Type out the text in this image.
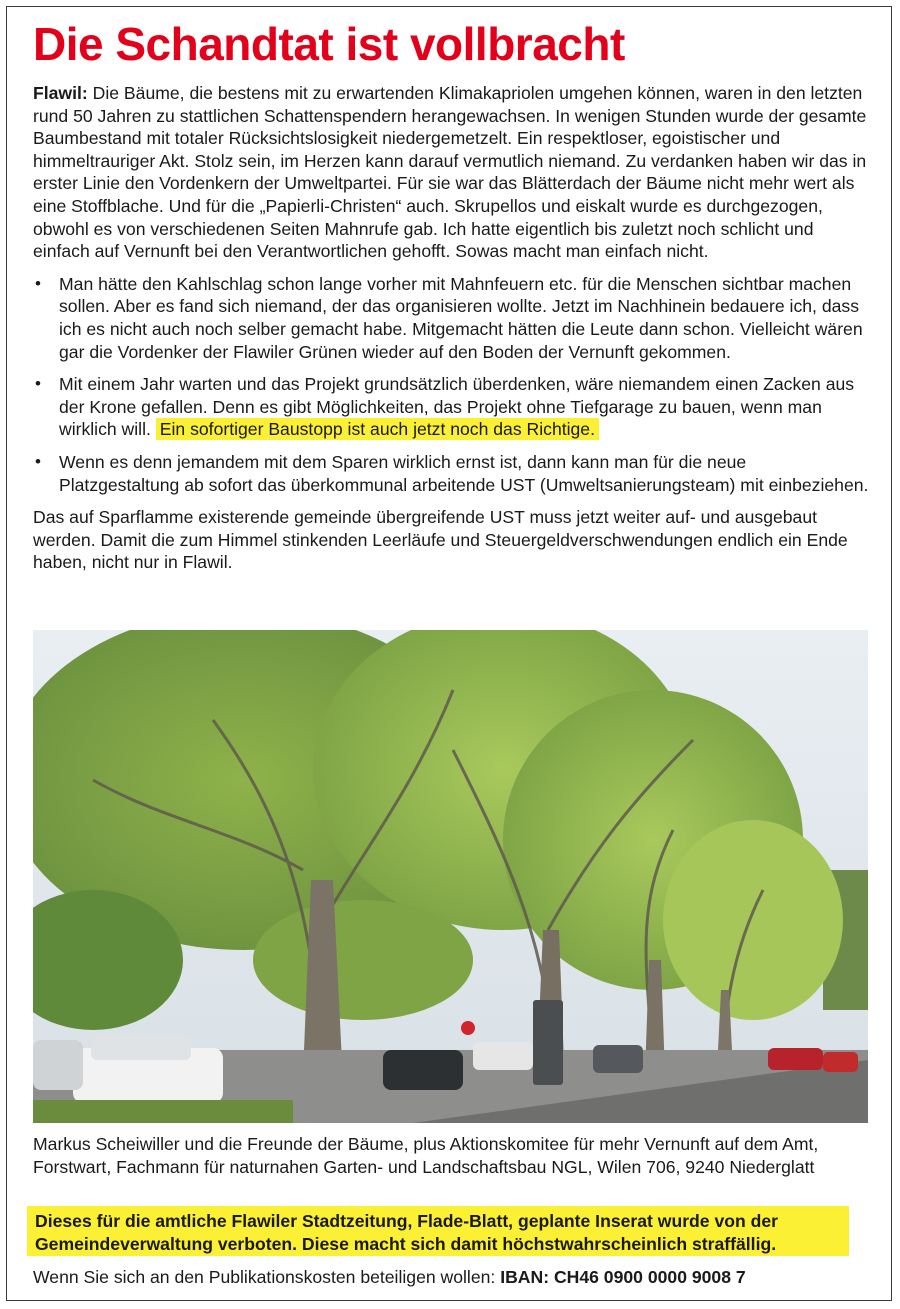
Die Schandtat ist vollbracht

Flawil: Die Bäume, die bestens mit zu erwartenden Klimakapriolen umgehen können, waren in den letzten rund 50 Jahren zu stattlichen Schattenspendern herangewachsen. In wenigen Stunden wurde der gesamte Baumbestand mit totaler Rücksichtslosigkeit niedergemetzelt. Ein respektloser, egoistischer und himmeltrauriger Akt. Stolz sein, im Herzen kann darauf vermutlich niemand. Zu verdanken haben wir das in erster Linie den Vordenkern der Umweltpartei. Für sie war das Blätterdach der Bäume nicht mehr wert als eine Stoffblache. Und für die „Papierli-Christen“ auch. Skrupellos und eiskalt wurde es durchgezogen, obwohl es von verschiedenen Seiten Mahnrufe gab. Ich hatte eigentlich bis zuletzt noch schlicht und einfach auf Vernunft bei den Verantwortlichen gehofft. Sowas macht man einfach nicht.

• Man hätte den Kahlschlag schon lange vorher mit Mahnfeuern etc. für die Menschen sichtbar machen sollen. Aber es fand sich niemand, der das organisieren wollte. Jetzt im Nachhinein bedauere ich, dass ich es nicht auch noch selber gemacht habe. Mitgemacht hätten die Leute dann schon. Vielleicht wären gar die Vordenker der Flawiler Grünen wieder auf den Boden der Vernunft gekommen.
• Mit einem Jahr warten und das Projekt grundsätzlich überdenken, wäre niemandem einen Zacken aus der Krone gefallen. Denn es gibt Möglichkeiten, das Projekt ohne Tiefgarage zu bauen, wenn man wirklich will. Ein sofortiger Baustopp ist auch jetzt noch das Richtige.
• Wenn es denn jemandem mit dem Sparen wirklich ernst ist, dann kann man für die neue Platzgestaltung ab sofort das überkommunal arbeitende UST (Umweltsanierungsteam) mit einbeziehen.

Das auf Sparflamme existerende gemeinde übergreifende UST muss jetzt weiter auf- und ausgebaut werden. Damit die zum Himmel stinkenden Leerläufe und Steuergeldverschwendungen endlich ein Ende haben, nicht nur in Flawil.

Markus Scheiwiller und die Freunde der Bäume, plus Aktionskomitee für mehr Vernunft auf dem Amt, Forstwart, Fachmann für naturnahen Garten- und Landschaftsbau NGL, Wilen 706, 9240 Niederglatt
Dieses für die amtliche Flawiler Stadtzeitung, Flade-Blatt, geplante Inserat wurde von der Gemeindeverwaltung verboten. Diese macht sich damit höchstwahrscheinlich straffällig.
Wenn Sie sich an den Publikationskosten beteiligen wollen: IBAN: CH46 0900 0000 9008 7
